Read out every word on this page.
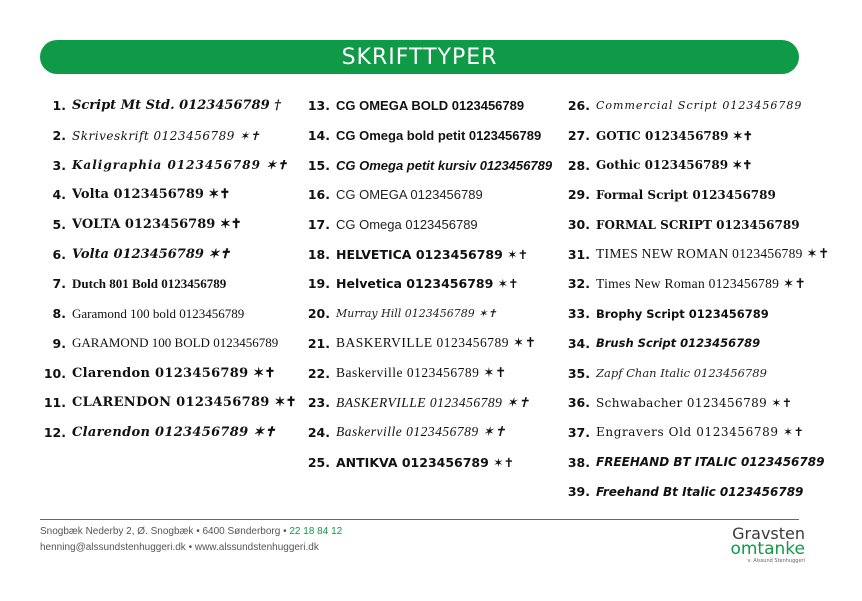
SKRIFTTYPER
1. Script Mt Std. 0123456789 †
2. Skriveskrift 0123456789 ✶✝
3. Kaligraphia 0123456789 ✶✝
4. Volta 0123456789 ✶✝
5. VOLTA 0123456789 ✶✝
6. Volta 0123456789 ✶✝
7. Dutch 801 Bold 0123456789
8. Garamond 100 bold 0123456789
9. GARAMOND 100 BOLD 0123456789
10. Clarendon 0123456789 ✶✝
11. CLARENDON 0123456789 ✶✝
12. Clarendon 0123456789 ✶✝
13. CG OMEGA BOLD 0123456789
14. CG Omega bold petit 0123456789
15. CG Omega petit kursiv 0123456789
16. CG OMEGA 0123456789
17. CG Omega 0123456789
18. HELVETICA 0123456789 ✶✝
19. Helvetica 0123456789 ✶✝
20. Murray Hill 0123456789 ✶✝
21. BASKERVILLE 0123456789 ✶✝
22. Baskerville 0123456789 ✶✝
23. BASKERVILLE 0123456789 ✶✝
24. Baskerville 0123456789 ✶✝
25. ANTIKVA 0123456789 ✶✝
26. Commercial Script 0123456789
27. GOTIC 0123456789 ✶✝
28. Gothic 0123456789 ✶✝
29. Formal Script 0123456789
30. FORMAL SCRIPT 0123456789
31. TIMES NEW ROMAN 0123456789 ✶✝
32. Times New Roman 0123456789 ✶✝
33. Brophy Script 0123456789
34. Brush Script 0123456789
35. Zapf Chan Italic 0123456789
36. Schwabacher 0123456789 ✶✝
37. Engravers Old 0123456789 ✶✝
38. FREEHAND BT ITALIC 0123456789
39. Freehand Bt Italic 0123456789
Snogbæk Nederby 2, Ø. Snogbæk • 6400 Sønderborg • 22 18 84 12
henning@alssundstenhuggeri.dk • www.alssundstenhuggeri.dk
Gravsten
omtanke
v. Alssund Stenhuggeri
